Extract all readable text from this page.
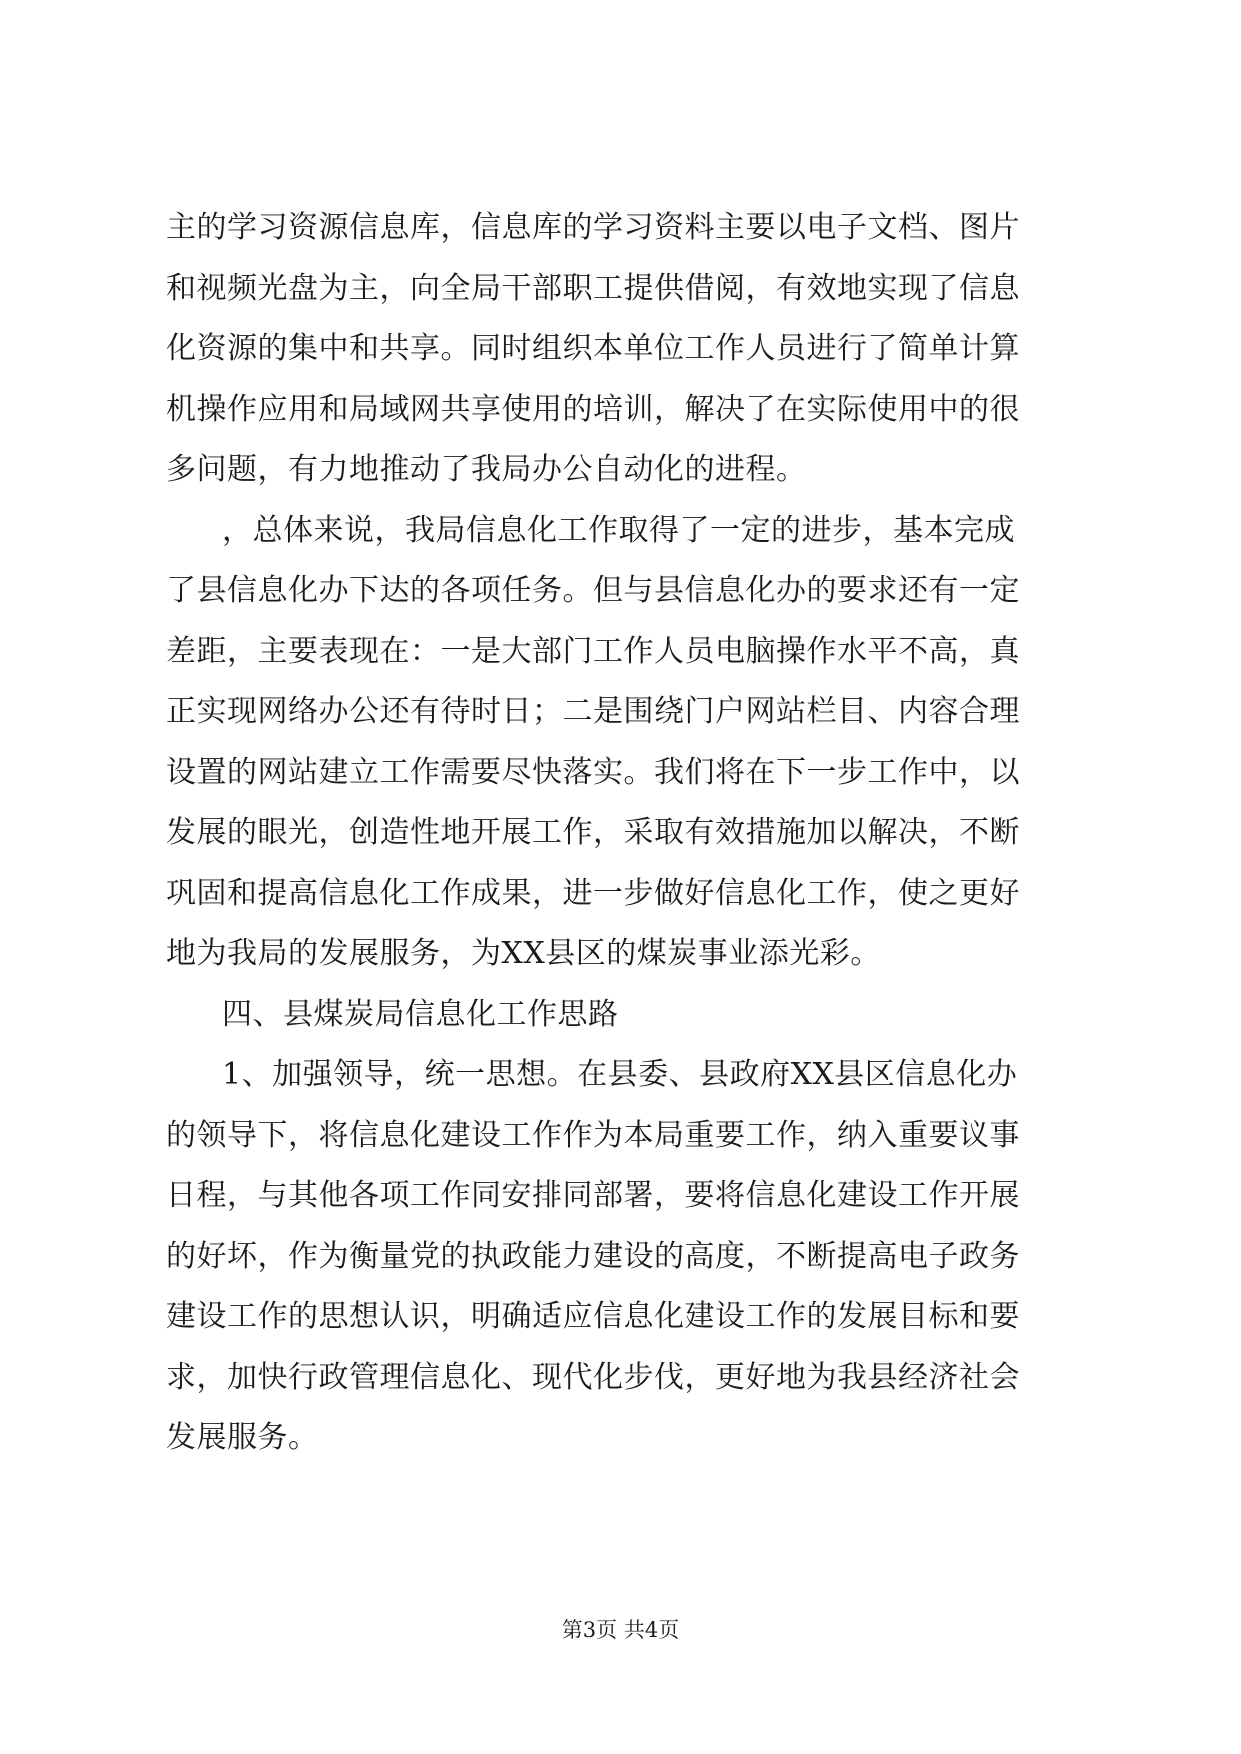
主的学习资源信息库，信息库的学习资料主要以电子文档、图片
和视频光盘为主，向全局干部职工提供借阅，有效地实现了信息
化资源的集中和共享。同时组织本单位工作人员进行了简单计算
机操作应用和局域网共享使用的培训，解决了在实际使用中的很
多问题，有力地推动了我局办公自动化的进程。
，总体来说，我局信息化工作取得了一定的进步，基本完成
了县信息化办下达的各项任务。但与县信息化办的要求还有一定
差距，主要表现在：一是大部门工作人员电脑操作水平不高，真
正实现网络办公还有待时日；二是围绕门户网站栏目、内容合理
设置的网站建立工作需要尽快落实。我们将在下一步工作中，以
发展的眼光，创造性地开展工作，采取有效措施加以解决，不断
巩固和提高信息化工作成果，进一步做好信息化工作，使之更好
地为我局的发展服务，为XX县区的煤炭事业添光彩。
四、县煤炭局信息化工作思路
1、加强领导，统一思想。在县委、县政府XX县区信息化办
的领导下，将信息化建设工作作为本局重要工作，纳入重要议事
日程，与其他各项工作同安排同部署，要将信息化建设工作开展
的好坏，作为衡量党的执政能力建设的高度，不断提高电子政务
建设工作的思想认识，明确适应信息化建设工作的发展目标和要
求，加快行政管理信息化、现代化步伐，更好地为我县经济社会
发展服务。
第3页 共4页
